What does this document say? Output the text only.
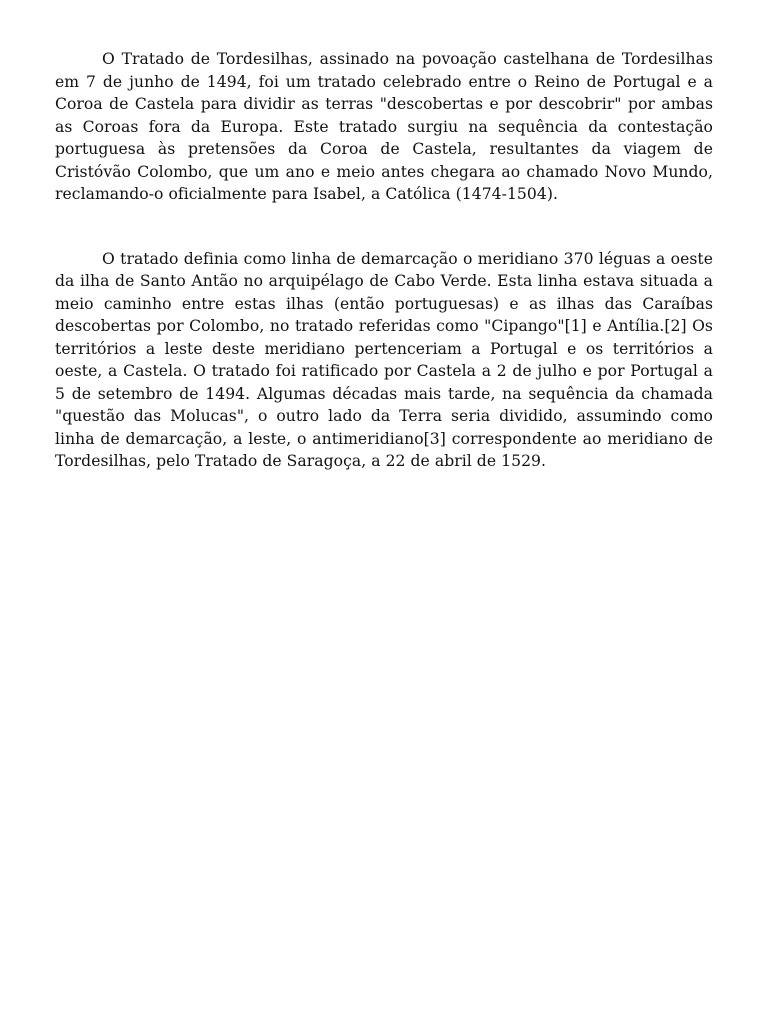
O Tratado de Tordesilhas, assinado na povoação castelhana de Tordesilhas em 7 de junho de 1494, foi um tratado celebrado entre o Reino de Portugal e a Coroa de Castela para dividir as terras "descobertas e por descobrir" por ambas as Coroas fora da Europa. Este tratado surgiu na sequência da contestação portuguesa às pretensões da Coroa de Castela, resultantes da viagem de Cristóvão Colombo, que um ano e meio antes chegara ao chamado Novo Mundo, reclamando-o oficialmente para Isabel, a Católica (1474-1504).

O tratado definia como linha de demarcação o meridiano 370 léguas a oeste da ilha de Santo Antão no arquipélago de Cabo Verde. Esta linha estava situada a meio caminho entre estas ilhas (então portuguesas) e as ilhas das Caraíbas descobertas por Colombo, no tratado referidas como "Cipango"[1] e Antília.[2] Os territórios a leste deste meridiano pertenceriam a Portugal e os territórios a oeste, a Castela. O tratado foi ratificado por Castela a 2 de julho e por Portugal a 5 de setembro de 1494. Algumas décadas mais tarde, na sequência da chamada "questão das Molucas", o outro lado da Terra seria dividido, assumindo como linha de demarcação, a leste, o antimeridiano[3] correspondente ao meridiano de Tordesilhas, pelo Tratado de Saragoça, a 22 de abril de 1529.
